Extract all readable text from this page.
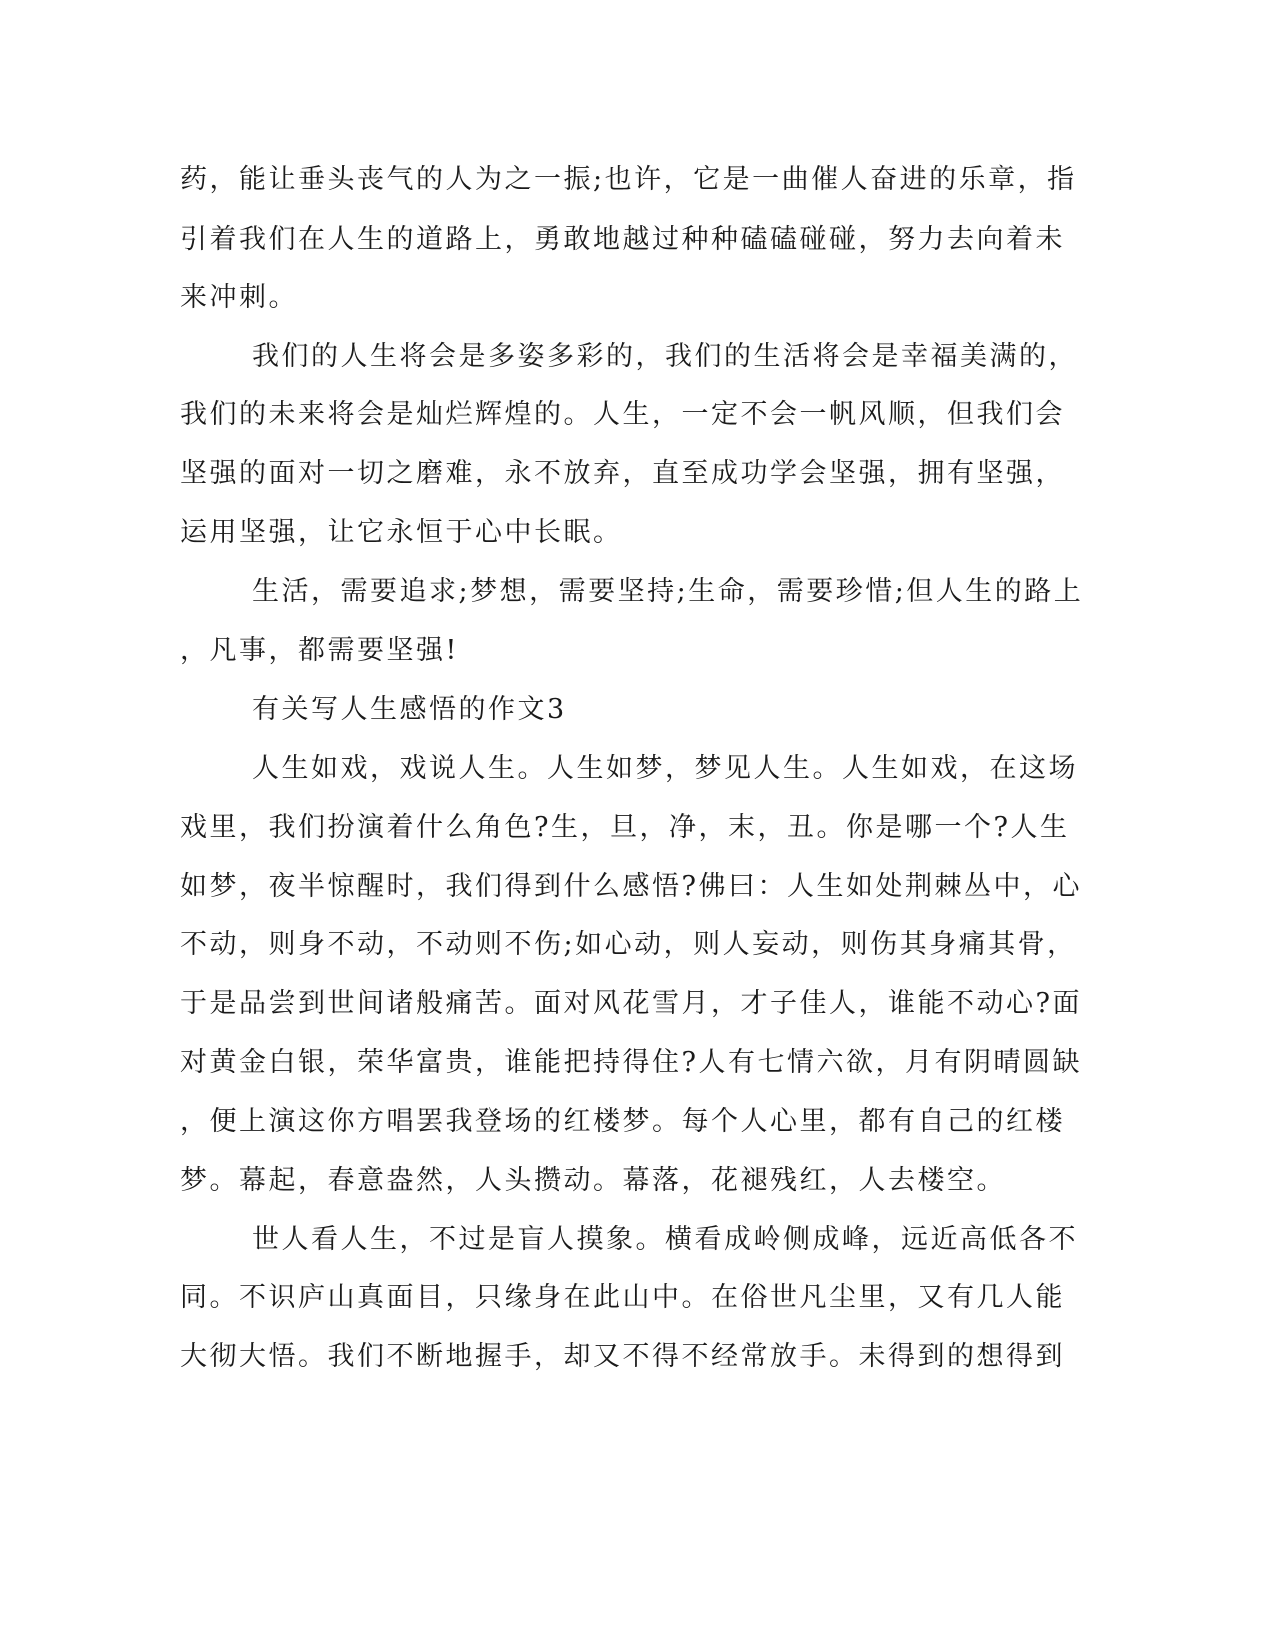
药，能让垂头丧气的人为之一振;也许，它是一曲催人奋进的乐章，指
引着我们在人生的道路上，勇敢地越过种种磕磕碰碰，努力去向着未
来冲刺。
我们的人生将会是多姿多彩的，我们的生活将会是幸福美满的，
我们的未来将会是灿烂辉煌的。人生，一定不会一帆风顺，但我们会
坚强的面对一切之磨难，永不放弃，直至成功学会坚强，拥有坚强，
运用坚强，让它永恒于心中长眠。
生活，需要追求;梦想，需要坚持;生命，需要珍惜;但人生的路上
，凡事，都需要坚强!
有关写人生感悟的作文3
人生如戏，戏说人生。人生如梦，梦见人生。人生如戏，在这场
戏里，我们扮演着什么角色?生，旦，净，末，丑。你是哪一个?人生
如梦，夜半惊醒时，我们得到什么感悟?佛曰：人生如处荆棘丛中，心
不动，则身不动，不动则不伤;如心动，则人妄动，则伤其身痛其骨，
于是品尝到世间诸般痛苦。面对风花雪月，才子佳人，谁能不动心?面
对黄金白银，荣华富贵，谁能把持得住?人有七情六欲，月有阴晴圆缺
，便上演这你方唱罢我登场的红楼梦。每个人心里，都有自己的红楼
梦。幕起，春意盎然，人头攒动。幕落，花褪残红，人去楼空。
世人看人生，不过是盲人摸象。横看成岭侧成峰，远近高低各不
同。不识庐山真面目，只缘身在此山中。在俗世凡尘里，又有几人能
大彻大悟。我们不断地握手，却又不得不经常放手。未得到的想得到
